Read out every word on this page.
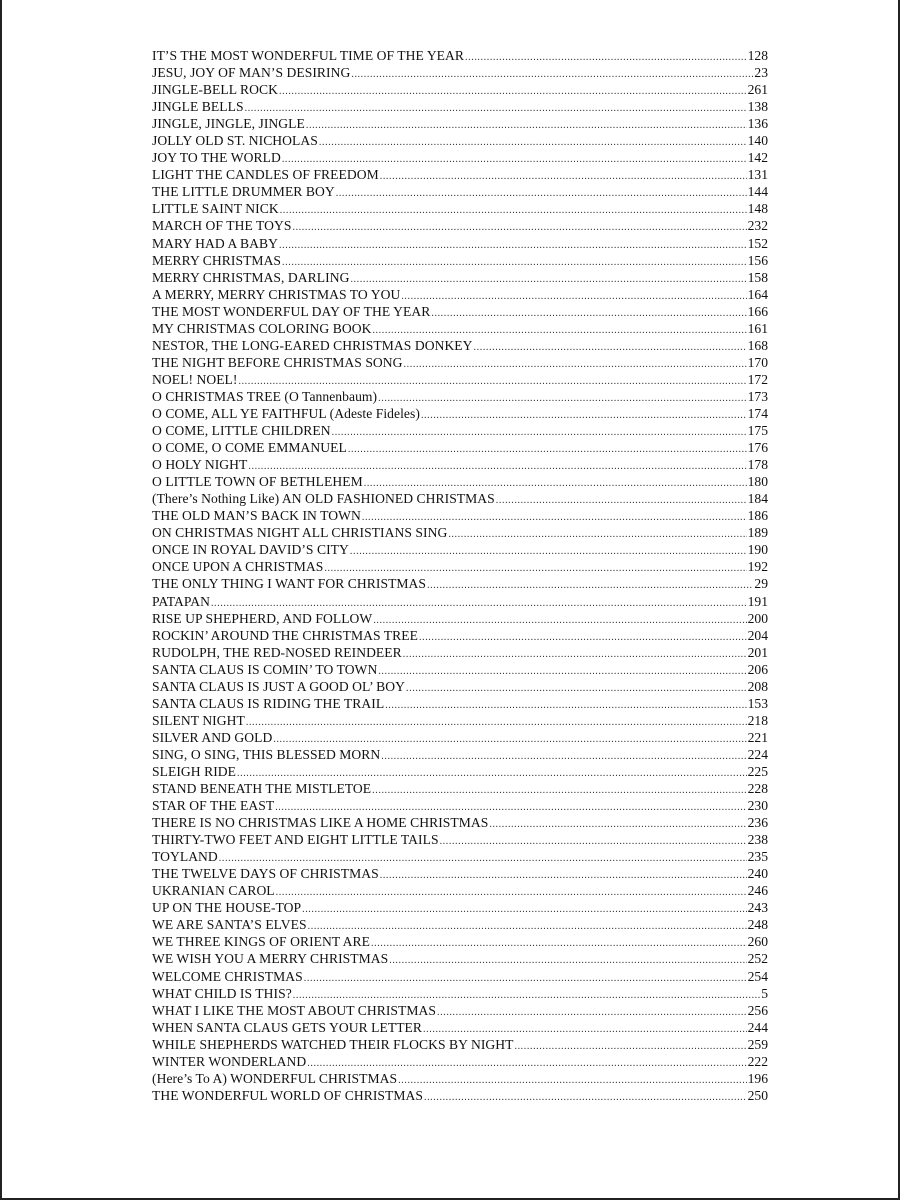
IT’S THE MOST WONDERFUL TIME OF THE YEAR .....	128
JESU, JOY OF MAN’S DESIRING .....	23
JINGLE-BELL ROCK .....	261
JINGLE BELLS .....	138
JINGLE, JINGLE, JINGLE .....	136
JOLLY OLD ST. NICHOLAS .....	140
JOY TO THE WORLD .....	142
LIGHT THE CANDLES OF FREEDOM .....	131
THE LITTLE DRUMMER BOY .....	144
LITTLE SAINT NICK .....	148
MARCH OF THE TOYS .....	232
MARY HAD A BABY .....	152
MERRY CHRISTMAS .....	156
MERRY CHRISTMAS, DARLING .....	158
A MERRY, MERRY CHRISTMAS TO YOU .....	164
THE MOST WONDERFUL DAY OF THE YEAR .....	166
MY CHRISTMAS COLORING BOOK .....	161
NESTOR, THE LONG-EARED CHRISTMAS DONKEY .....	168
THE NIGHT BEFORE CHRISTMAS SONG .....	170
NOEL! NOEL! .....	172
O CHRISTMAS TREE (O Tannenbaum) .....	173
O COME, ALL YE FAITHFUL (Adeste Fideles) .....	174
O COME, LITTLE CHILDREN .....	175
O COME, O COME EMMANUEL .....	176
O HOLY NIGHT .....	178
O LITTLE TOWN OF BETHLEHEM .....	180
(There’s Nothing Like) AN OLD FASHIONED CHRISTMAS .....	184
THE OLD MAN’S BACK IN TOWN .....	186
ON CHRISTMAS NIGHT ALL CHRISTIANS SING .....	189
ONCE IN ROYAL DAVID’S CITY .....	190
ONCE UPON A CHRISTMAS .....	192
THE ONLY THING I WANT FOR CHRISTMAS .....	29
PATAPAN .....	191
RISE UP SHEPHERD, AND FOLLOW .....	200
ROCKIN’ AROUND THE CHRISTMAS TREE .....	204
RUDOLPH, THE RED-NOSED REINDEER .....	201
SANTA CLAUS IS COMIN’ TO TOWN .....	206
SANTA CLAUS IS JUST A GOOD OL’ BOY .....	208
SANTA CLAUS IS RIDING THE TRAIL .....	153
SILENT NIGHT .....	218
SILVER AND GOLD .....	221
SING, O SING, THIS BLESSED MORN .....	224
SLEIGH RIDE .....	225
STAND BENEATH THE MISTLETOE .....	228
STAR OF THE EAST .....	230
THERE IS NO CHRISTMAS LIKE A HOME CHRISTMAS .....	236
THIRTY-TWO FEET AND EIGHT LITTLE TAILS .....	238
TOYLAND .....	235
THE TWELVE DAYS OF CHRISTMAS .....	240
UKRANIAN CAROL .....	246
UP ON THE HOUSE-TOP .....	243
WE ARE SANTA’S ELVES .....	248
WE THREE KINGS OF ORIENT ARE .....	260
WE WISH YOU A MERRY CHRISTMAS .....	252
WELCOME CHRISTMAS .....	254
WHAT CHILD IS THIS? .....	5
WHAT I LIKE THE MOST ABOUT CHRISTMAS .....	256
WHEN SANTA CLAUS GETS YOUR LETTER .....	244
WHILE SHEPHERDS WATCHED THEIR FLOCKS BY NIGHT .....	259
WINTER WONDERLAND .....	222
(Here’s To A) WONDERFUL CHRISTMAS .....	196
THE WONDERFUL WORLD OF CHRISTMAS .....	250
